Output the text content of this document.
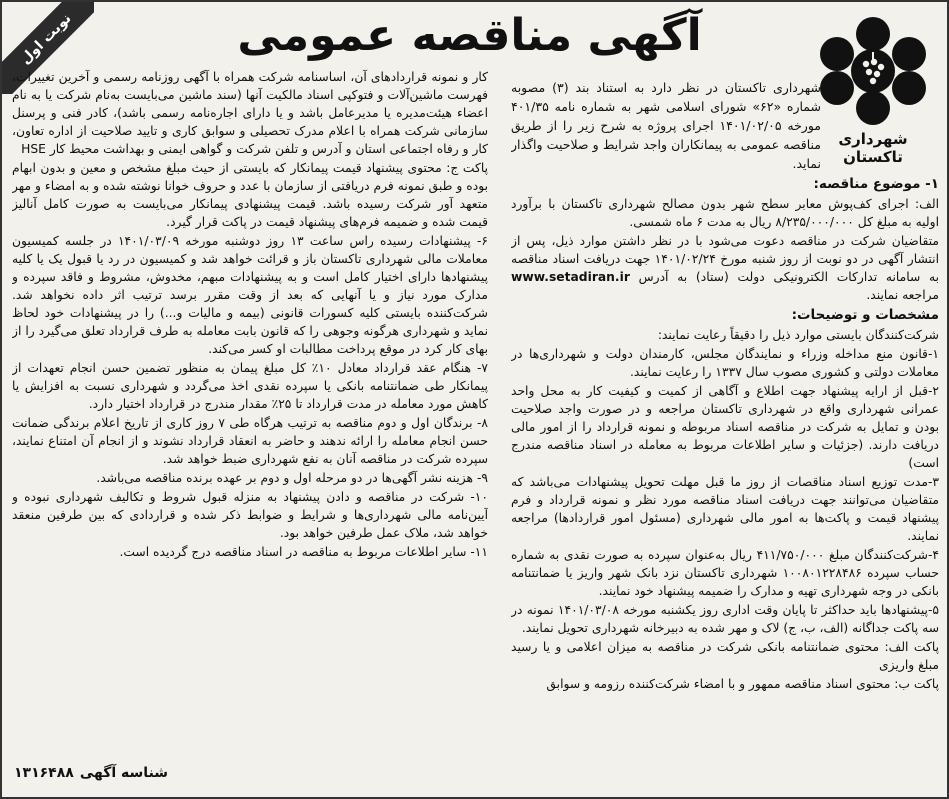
نوبت اول	آگهی مناقصه عمومی
شهرداری تاکستان

شهرداری تاکستان در نظر دارد به استناد بند (۳) مصوبه شماره «۶۲» شورای اسلامی شهر به شماره نامه ۴۰۱/۳۵ مورخه ۱۴۰۱/۰۲/۰۵ اجرای پروژه به شرح زیر را از طریق مناقصه عمومی به پیمانکاران واجد شرایط و صلاحیت واگذار نماید.

۱- موضوع مناقصه:

الف: اجرای کف‌پوش معابر سطح شهر بدون مصالح شهرداری تاکستان با برآورد اولیه به مبلغ کل ۸/۲۳۵/۰۰۰/۰۰۰ ریال به مدت ۶ ماه شمسی.

متقاضیان شرکت در مناقصه دعوت می‌شود با در نظر داشتن موارد ذیل، پس از انتشار آگهی در دو نوبت از روز شنبه مورخ ۱۴۰۱/۰۲/۲۴ جهت دریافت اسناد مناقصه به سامانه تدارکات الکترونیکی دولت (ستاد) به آدرس www.setadiran.ir مراجعه نمایند.

مشخصات و توضیحات:

شرکت‌کنندگان بایستی موارد ذیل را دقیقاً رعایت نمایند:

۱-قانون منع مداخله وزراء و نمایندگان مجلس، کارمندان دولت و شهرداری‌ها در معاملات دولتی و کشوری مصوب سال ۱۳۳۷ را رعایت نمایند.

۲-قبل از ارایه پیشنهاد جهت اطلاع و آگاهی از کمیت و کیفیت کار به محل واحد عمرانی شهرداری واقع در شهرداری تاکستان مراجعه و در صورت واجد صلاحیت بودن و تمایل به شرکت در مناقصه اسناد مربوطه و نمونه قرارداد را از امور مالی دریافت دارند. (جزئیات و سایر اطلاعات مربوط به معامله در اسناد مناقصه مندرج است)

۳-مدت توزیع اسناد مناقصات از روز ما قبل مهلت تحویل پیشنهادات می‌باشد که متقاضیان می‌توانند جهت دریافت اسناد مناقصه مورد نظر و نمونه قرارداد و فرم پیشنهاد قیمت و پاکت‌ها به امور مالی شهرداری (مسئول امور قراردادها) مراجعه نمایند.

۴-شرکت‌کنندگان مبلغ ۴۱۱/۷۵۰/۰۰۰ ریال به‌عنوان سپرده به صورت نقدی به شماره حساب سپرده ۱۰۰۸۰۱۲۲۸۴۸۶ شهرداری تاکستان نزد بانک شهر واریز یا ضمانتنامه بانکی در وجه شهرداری تهیه و مدارک را ضمیمه پیشنهاد خود نمایند.

۵-پیشنهادها باید حداکثر تا پایان وقت اداری روز یکشنبه مورخه ۱۴۰۱/۰۳/۰۸ نمونه در سه پاکت جداگانه (الف، ب، ج) لاک و مهر شده به دبیرخانه شهرداری تحویل نمایند.

پاکت الف: محتوی ضمانتنامه بانکی شرکت در مناقصه به میزان اعلامی و یا رسید مبلغ واریزی

پاکت ب: محتوی اسناد مناقصه ممهور و با امضاء شرکت‌کننده رزومه و سوابق

کار و نمونه قراردادهای آن، اساسنامه شرکت همراه با آگهی روزنامه رسمی و آخرین تغییرات، فهرست ماشین‌آلات و فتوکپی اسناد مالکیت آنها (سند ماشین می‌بایست به‌نام شرکت یا به نام اعضاء هیئت‌مدیره یا مدیرعامل باشد و یا دارای اجاره‌نامه رسمی باشد)، کادر فنی و پرسنل سازمانی شرکت همراه با اعلام مدرک تحصیلی و سوابق کاری و تایید صلاحیت از اداره تعاون، کار و رفاه اجتماعی استان و آدرس و تلفن شرکت و گواهی ایمنی و بهداشت محیط کار HSE

پاکت ج: محتوی پیشنهاد قیمت پیمانکار که بایستی از حیث مبلغ مشخص و معین و بدون ابهام بوده و طبق نمونه فرم دریافتی از سازمان با عدد و حروف خوانا نوشته شده و به امضاء و مهر متعهد آور شرکت رسیده باشد. قیمت پیشنهادی پیمانکار می‌بایست به صورت کامل آنالیز قیمت شده و ضمیمه فرم‌های پیشنهاد قیمت در پاکت قرار گیرد.

۶- پیشنهادات رسیده راس ساعت ۱۳ روز دوشنبه مورخه ۱۴۰۱/۰۳/۰۹ در جلسه کمیسیون معاملات مالی شهرداری تاکستان باز و قرائت خواهد شد و کمیسیون در رد یا قبول یک یا کلیه پیشنهادها دارای اختیار کامل است و به پیشنهادات مبهم، مخدوش، مشروط و فاقد سپرده و مدارک مورد نیاز و یا آنهایی که بعد از وقت مقرر برسد ترتیب اثر داده نخواهد شد. شرکت‌کننده بایستی کلیه کسورات قانونی (بیمه و مالیات و...) را در پیشنهادات خود لحاظ نماید و شهرداری هرگونه وجوهی را که قانون بابت معامله به طرف قرارداد تعلق می‌گیرد را از بهای کار کرد در موقع پرداخت مطالبات او کسر می‌کند.

۷- هنگام عقد قرارداد معادل ۱۰٪ کل مبلغ پیمان به منظور تضمین حسن انجام تعهدات از پیمانکار طی ضمانتنامه بانکی یا سپرده نقدی اخذ می‌گردد و شهرداری نسبت به افزایش یا کاهش مورد معامله در مدت قرارداد تا ۲۵٪ مقدار مندرج در قرارداد اختیار دارد.

۸- برندگان اول و دوم مناقصه به ترتیب هرگاه طی ۷ روز کاری از تاریخ اعلام برندگی ضمانت حسن انجام معامله را ارائه ندهند و حاضر به انعقاد قرارداد نشوند و از انجام آن امتناع نمایند، سپرده شرکت در مناقصه آنان به نفع شهرداری ضبط خواهد شد.

۹- هزینه نشر آگهی‌ها در دو مرحله اول و دوم بر عهده برنده مناقصه می‌باشد.

۱۰- شرکت در مناقصه و دادن پیشنهاد به منزله قبول شروط و تکالیف شهرداری نبوده و آیین‌نامه مالی شهرداری‌ها و شرایط و ضوابط ذکر شده و قراردادی که بین طرفین منعقد خواهد شد، ملاک عمل طرفین خواهد بود.

۱۱- سایر اطلاعات مربوط به مناقصه در اسناد مناقصه درج گردیده است.

شناسه آگهی۱۳۱۶۴۸۸
